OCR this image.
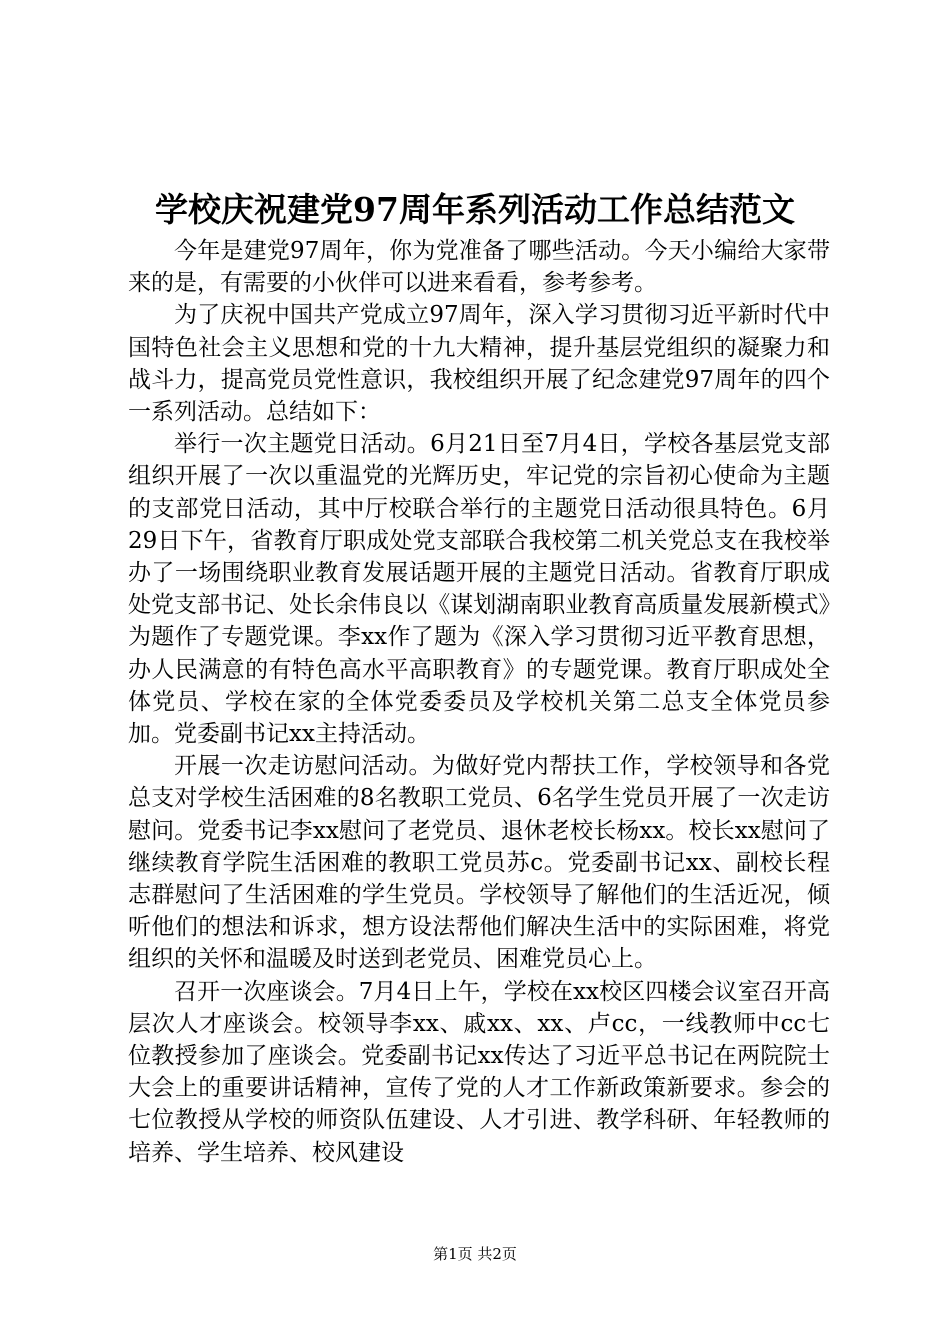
学校庆祝建党97周年系列活动工作总结范文

今年是建党97周年，你为党准备了哪些活动。今天小编给大家带来的是，有需要的小伙伴可以进来看看，参考参考。

为了庆祝中国共产党成立97周年，深入学习贯彻习近平新时代中国特色社会主义思想和党的十九大精神，提升基层党组织的凝聚力和战斗力，提高党员党性意识，我校组织开展了纪念建党97周年的四个一系列活动。总结如下：

举行一次主题党日活动。6月21日至7月4日，学校各基层党支部组织开展了一次以重温党的光辉历史，牢记党的宗旨初心使命为主题的支部党日活动，其中厅校联合举行的主题党日活动很具特色。6月29日下午，省教育厅职成处党支部联合我校第二机关党总支在我校举办了一场围绕职业教育发展话题开展的主题党日活动。省教育厅职成处党支部书记、处长余伟良以《谋划湖南职业教育高质量发展新模式》为题作了专题党课。李xx作了题为《深入学习贯彻习近平教育思想，办人民满意的有特色高水平高职教育》的专题党课。教育厅职成处全体党员、学校在家的全体党委委员及学校机关第二总支全体党员参加。党委副书记xx主持活动。

开展一次走访慰问活动。为做好党内帮扶工作，学校领导和各党总支对学校生活困难的8名教职工党员、6名学生党员开展了一次走访慰问。党委书记李xx慰问了老党员、退休老校长杨xx。校长xx慰问了继续教育学院生活困难的教职工党员苏c。党委副书记xx、副校长程志群慰问了生活困难的学生党员。学校领导了解他们的生活近况，倾听他们的想法和诉求，想方设法帮他们解决生活中的实际困难，将党组织的关怀和温暖及时送到老党员、困难党员心上。

召开一次座谈会。7月4日上午，学校在xx校区四楼会议室召开高层次人才座谈会。校领导李xx、戚xx、xx、卢cc，一线教师中cc七位教授参加了座谈会。党委副书记xx传达了习近平总书记在两院院士大会上的重要讲话精神，宣传了党的人才工作新政策新要求。参会的七位教授从学校的师资队伍建设、人才引进、教学科研、年轻教师的培养、学生培养、校风建设

第1页 共2页
